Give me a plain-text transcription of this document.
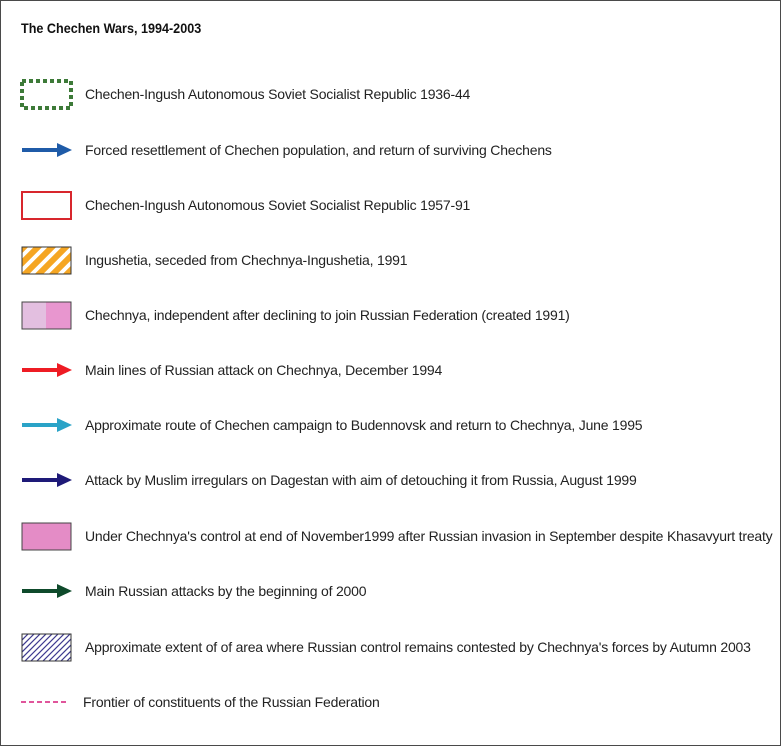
The Chechen Wars, 1994-2003
Chechen-Ingush Autonomous Soviet Socialist Republic 1936-44
Forced resettlement of Chechen population, and return of surviving Chechens
Chechen-Ingush Autonomous Soviet Socialist Republic 1957-91
Ingushetia, seceded from Chechnya-Ingushetia, 1991
Chechnya, independent after declining to join Russian Federation (created 1991)
Main lines of Russian attack on Chechnya, December 1994
Approximate route of Chechen campaign to Budennovsk and return to Chechnya, June 1995
Attack by Muslim irregulars on Dagestan with aim of detouching it from Russia, August 1999
Under Chechnya's control at end of November1999 after Russian invasion in September despite Khasavyurt treaty
Main Russian attacks by the beginning of 2000
Approximate extent of of area where Russian control remains contested by Chechnya's forces by Autumn 2003
Frontier of constituents of the Russian Federation
